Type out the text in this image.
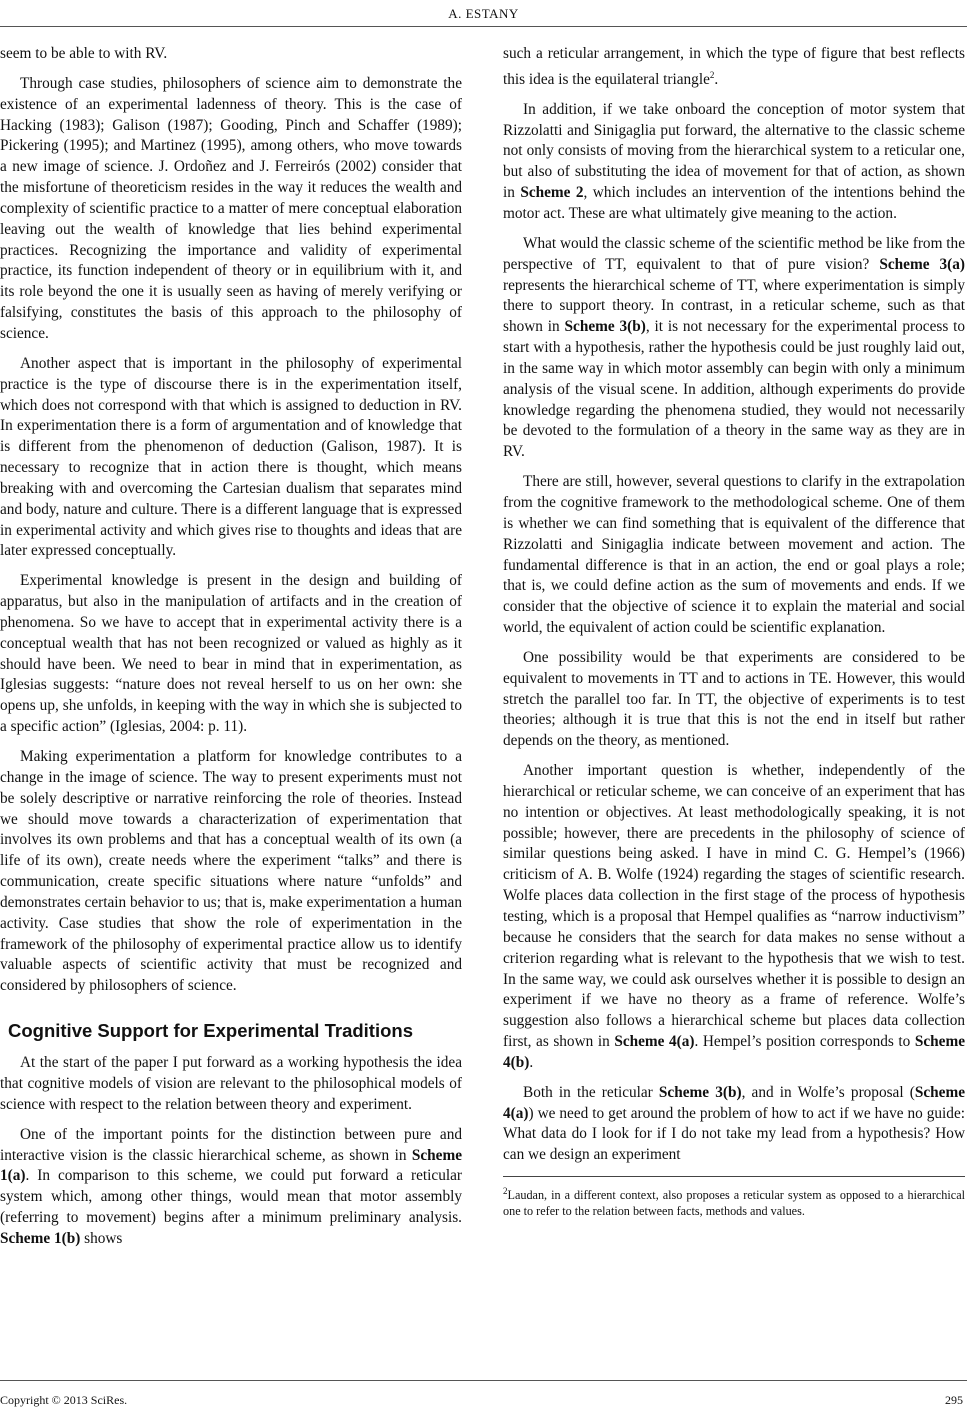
A. ESTANY

seem to be able to with RV.

Through case studies, philosophers of science aim to demonstrate the existence of an experimental ladenness of theory. This is the case of Hacking (1983); Galison (1987); Gooding, Pinch and Schaffer (1989); Pickering (1995); and Martinez (1995), among others, who move towards a new image of science. J. Ordoñez and J. Ferreirós (2002) consider that the misfortune of theoreticism resides in the way it reduces the wealth and complexity of scientific practice to a matter of mere conceptual elaboration leaving out the wealth of knowledge that lies behind experimental practices. Recognizing the importance and validity of experimental practice, its function independent of theory or in equilibrium with it, and its role beyond the one it is usually seen as having of merely verifying or falsifying, constitutes the basis of this approach to the philosophy of science.

Another aspect that is important in the philosophy of experimental practice is the type of discourse there is in the experimentation itself, which does not correspond with that which is assigned to deduction in RV. In experimentation there is a form of argumentation and of knowledge that is different from the phenomenon of deduction (Galison, 1987). It is necessary to recognize that in action there is thought, which means breaking with and overcoming the Cartesian dualism that separates mind and body, nature and culture. There is a different language that is expressed in experimental activity and which gives rise to thoughts and ideas that are later expressed conceptually.

Experimental knowledge is present in the design and building of apparatus, but also in the manipulation of artifacts and in the creation of phenomena. So we have to accept that in experimental activity there is a conceptual wealth that has not been recognized or valued as highly as it should have been. We need to bear in mind that in experimentation, as Iglesias suggests: “nature does not reveal herself to us on her own: she opens up, she unfolds, in keeping with the way in which she is subjected to a specific action” (Iglesias, 2004: p. 11).

Making experimentation a platform for knowledge contributes to a change in the image of science. The way to present experiments must not be solely descriptive or narrative reinforcing the role of theories. Instead we should move towards a characterization of experimentation that involves its own problems and that has a conceptual wealth of its own (a life of its own), create needs where the experiment “talks” and there is communication, create specific situations where nature “unfolds” and demonstrates certain behavior to us; that is, make experimentation a human activity. Case studies that show the role of experimentation in the framework of the philosophy of experimental practice allow us to identify valuable aspects of scientific activity that must be recognized and considered by philosophers of science.

Cognitive Support for Experimental Traditions

At the start of the paper I put forward as a working hypothesis the idea that cognitive models of vision are relevant to the philosophical models of science with respect to the relation between theory and experiment.

One of the important points for the distinction between pure and interactive vision is the classic hierarchical scheme, as shown in Scheme 1(a). In comparison to this scheme, we could put forward a reticular system which, among other things, would mean that motor assembly (referring to movement) begins after a minimum preliminary analysis. Scheme 1(b) shows

such a reticular arrangement, in which the type of figure that best reflects this idea is the equilateral triangle$^2$.

In addition, if we take onboard the conception of motor system that Rizzolatti and Sinigaglia put forward, the alternative to the classic scheme not only consists of moving from the hierarchical system to a reticular one, but also of substituting the idea of movement for that of action, as shown in Scheme 2, which includes an intervention of the intentions behind the motor act. These are what ultimately give meaning to the action.

What would the classic scheme of the scientific method be like from the perspective of TT, equivalent to that of pure vision? Scheme 3(a) represents the hierarchical scheme of TT, where experimentation is simply there to support theory. In contrast, in a reticular scheme, such as that shown in Scheme 3(b), it is not necessary for the experimental process to start with a hypothesis, rather the hypothesis could be just roughly laid out, in the same way in which motor assembly can begin with only a minimum analysis of the visual scene. In addition, although experiments do provide knowledge regarding the phenomena studied, they would not necessarily be devoted to the formulation of a theory in the same way as they are in RV.

There are still, however, several questions to clarify in the extrapolation from the cognitive framework to the methodological scheme. One of them is whether we can find something that is equivalent of the difference that Rizzolatti and Sinigaglia indicate between movement and action. The fundamental difference is that in an action, the end or goal plays a role; that is, we could define action as the sum of movements and ends. If we consider that the objective of science it to explain the material and social world, the equivalent of action could be scientific explanation.

One possibility would be that experiments are considered to be equivalent to movements in TT and to actions in TE. However, this would stretch the parallel too far. In TT, the objective of experiments is to test theories; although it is true that this is not the end in itself but rather depends on the theory, as mentioned.

Another important question is whether, independently of the hierarchical or reticular scheme, we can conceive of an experiment that has no intention or objectives. At least methodologically speaking, it is not possible; however, there are precedents in the philosophy of science of similar questions being asked. I have in mind C. G. Hempel’s (1966) criticism of A. B. Wolfe (1924) regarding the stages of scientific research. Wolfe places data collection in the first stage of the process of hypothesis testing, which is a proposal that Hempel qualifies as “narrow inductivism” because he considers that the search for data makes no sense without a criterion regarding what is relevant to the hypothesis that we wish to test. In the same way, we could ask ourselves whether it is possible to design an experiment if we have no theory as a frame of reference. Wolfe’s suggestion also follows a hierarchical scheme but places data collection first, as shown in Scheme 4(a). Hempel’s position corresponds to Scheme 4(b).

Both in the reticular Scheme 3(b), and in Wolfe’s proposal (Scheme 4(a)) we need to get around the problem of how to act if we have no guide: What data do I look for if I do not take my lead from a hypothesis? How can we design an experiment

$^2$Laudan, in a different context, also proposes a reticular system as opposed to a hierarchical one to refer to the relation between facts, methods and values.
Copyright © 2013 SciRes.	295
